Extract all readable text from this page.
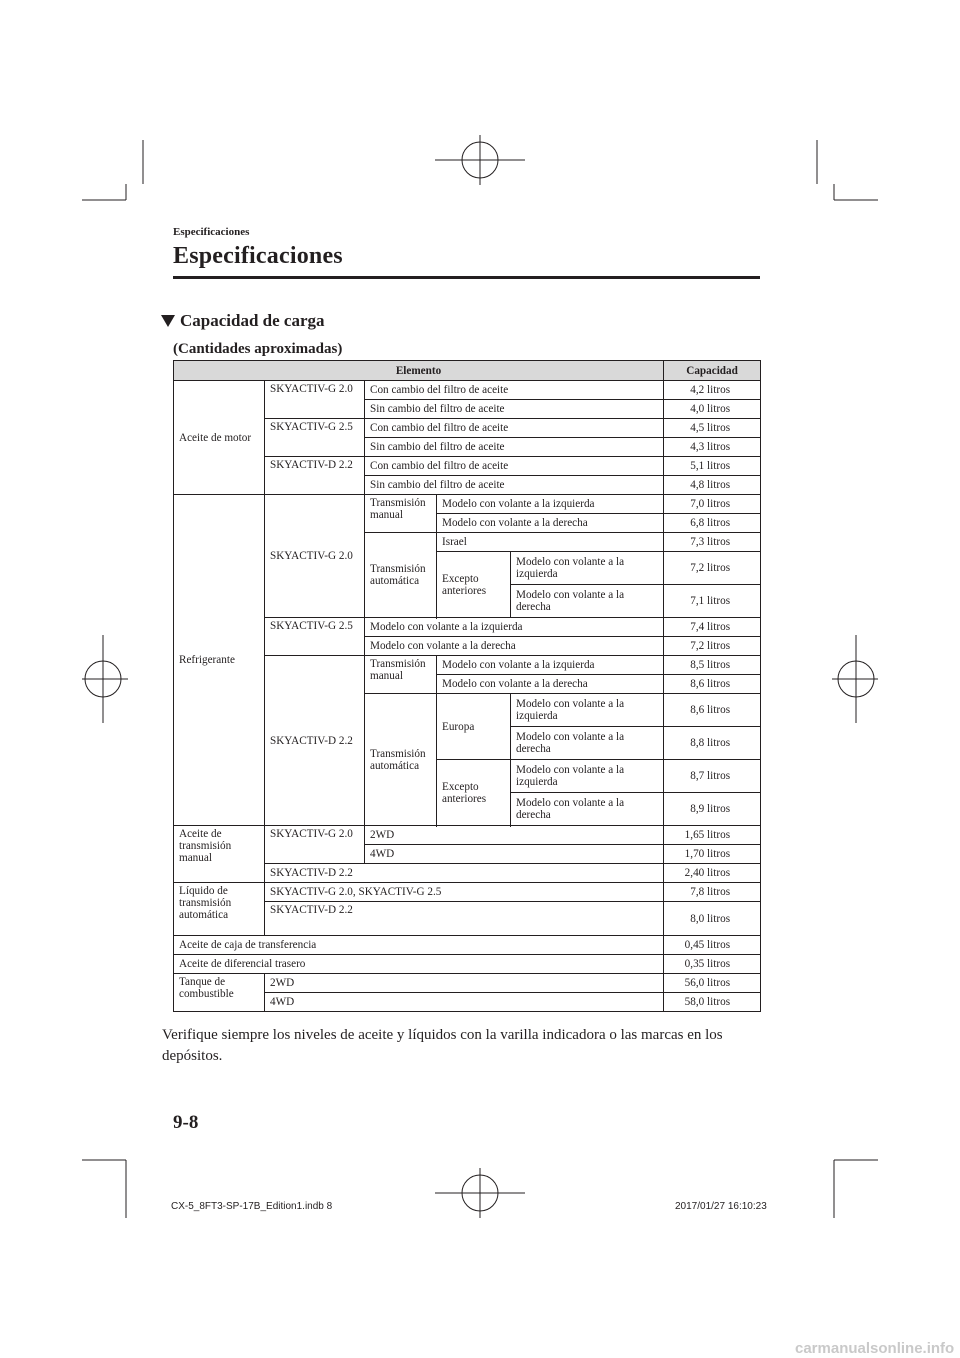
Especificaciones
Especificaciones
Capacidad de carga
(Cantidades aproximadas)
Elemento					Capacidad
Aceite de motor	SKYACTIV-G 2.0	Con cambio del filtro de aceite			4,2 litros
		Sin cambio del filtro de aceite			4,0 litros
	SKYACTIV-G 2.5	Con cambio del filtro de aceite			4,5 litros
		Sin cambio del filtro de aceite			4,3 litros
	SKYACTIV-D 2.2	Con cambio del filtro de aceite			5,1 litros
		Sin cambio del filtro de aceite			4,8 litros
Refrigerante	SKYACTIV-G 2.0	Transmisión manual	Modelo con volante a la izquierda		7,0 litros
			Modelo con volante a la derecha		6,8 litros
		Transmisión automática	Israel		7,3 litros
			Excepto anteriores	Modelo con volante a la izquierda	7,2 litros
				Modelo con volante a la derecha	7,1 litros

	SKYACTIV-G 2.5	Modelo con volante a la izquierda			7,4 litros
		Modelo con volante a la derecha			7,2 litros
	SKYACTIV-D 2.2	Transmisión manual	Modelo con volante a la izquierda		8,5 litros
			Modelo con volante a la derecha		8,6 litros
		Transmisión automática	Europa	Modelo con volante a la izquierda	8,6 litros
				Modelo con volante a la derecha	8,8 litros

			Excepto anteriores	Modelo con volante a la izquierda	8,7 litros
				Modelo con volante a la derecha	8,9 litros

Aceite de transmisión manual	SKYACTIV-G 2.0	2WD			1,65 litros
		4WD			1,70 litros
	SKYACTIV-D 2.2				2,40 litros
Líquido de transmisión automática	SKYACTIV-G 2.0, SKYACTIV-G 2.5				7,8 litros
	SKYACTIV-D 2.2				8,0 litros
Aceite de caja de transferencia					0,45 litros
Aceite de diferencial trasero					0,35 litros
Tanque de combustible	2WD				56,0 litros
	4WD				58,0 litros
Verifique siempre los niveles de aceite y líquidos con la varilla indicadora o las marcas en los depósitos.
9-8
CX-5_8FT3-SP-17B_Edition1.indb 8	2017/01/27 16:10:23
carmanualsonline.info
